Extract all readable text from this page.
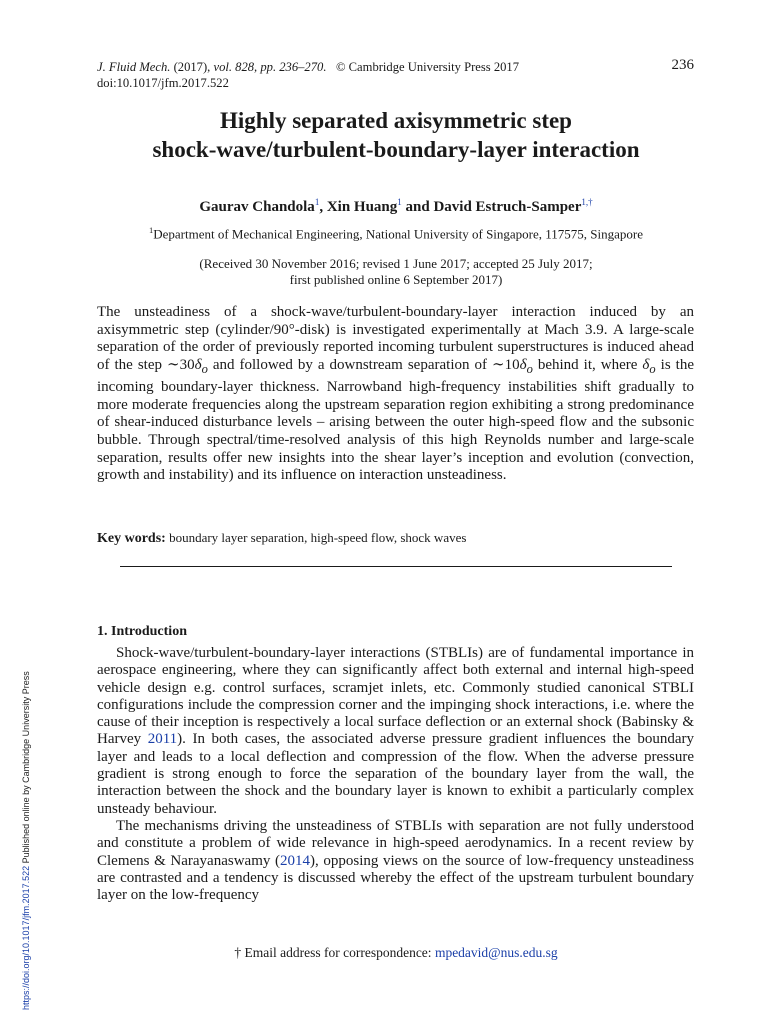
J. Fluid Mech. (2017), vol. 828, pp. 236–270. © Cambridge University Press 2017
doi:10.1017/jfm.2017.522
236
Highly separated axisymmetric step
shock-wave/turbulent-boundary-layer interaction
Gaurav Chandola$^1$, Xin Huang$^1$ and David Estruch-Samper$^{1,\dagger}$
$^1$Department of Mechanical Engineering, National University of Singapore, 117575, Singapore
(Received 30 November 2016; revised 1 June 2017; accepted 25 July 2017;
first published online 6 September 2017)
The unsteadiness of a shock-wave/turbulent-boundary-layer interaction induced by an axisymmetric step (cylinder/90°-disk) is investigated experimentally at Mach 3.9. A large-scale separation of the order of previously reported incoming turbulent superstructures is induced ahead of the step $\sim 30\delta_o$ and followed by a downstream separation of $\sim 10\delta_o$ behind it, where $\delta_o$ is the incoming boundary-layer thickness. Narrowband high-frequency instabilities shift gradually to more moderate frequencies along the upstream separation region exhibiting a strong predominance of shear-induced disturbance levels – arising between the outer high-speed flow and the subsonic bubble. Through spectral/time-resolved analysis of this high Reynolds number and large-scale separation, results offer new insights into the shear layer’s inception and evolution (convection, growth and instability) and its influence on interaction unsteadiness.
Key words: boundary layer separation, high-speed flow, shock waves
1. Introduction

Shock-wave/turbulent-boundary-layer interactions (STBLIs) are of fundamental importance in aerospace engineering, where they can significantly affect both external and internal high-speed vehicle design e.g. control surfaces, scramjet inlets, etc. Commonly studied canonical STBLI configurations include the compression corner and the impinging shock interactions, i.e. where the cause of their inception is respectively a local surface deflection or an external shock (Babinsky & Harvey 2011). In both cases, the associated adverse pressure gradient influences the boundary layer and leads to a local deflection and compression of the flow. When the adverse pressure gradient is strong enough to force the separation of the boundary layer from the wall, the interaction between the shock and the boundary layer is known to exhibit a particularly complex unsteady behaviour.

The mechanisms driving the unsteadiness of STBLIs with separation are not fully understood and constitute a problem of wide relevance in high-speed aerodynamics. In a recent review by Clemens & Narayanaswamy (2014), opposing views on the source of low-frequency unsteadiness are contrasted and a tendency is discussed whereby the effect of the upstream turbulent boundary layer on the low-frequency

† Email address for correspondence: mpedavid@nus.edu.sg
https://doi.org/10.1017/jfm.2017.522 Published online by Cambridge University Press
